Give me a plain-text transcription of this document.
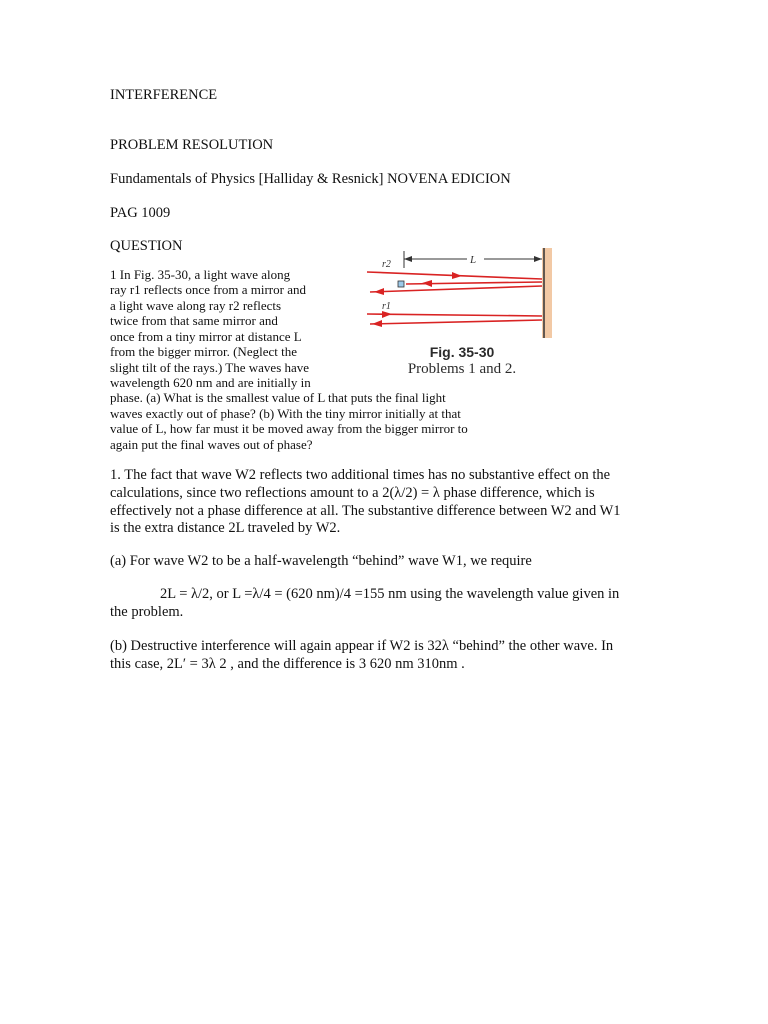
INTERFERENCE
PROBLEM RESOLUTION
Fundamentals of Physics [Halliday & Resnick] NOVENA EDICION
PAG 1009
QUESTION
1 In Fig. 35-30, a light wave along
ray r1 reflects once from a mirror and
a light wave along ray r2 reflects
twice from that same mirror and
once from a tiny mirror at distance L
from the bigger mirror. (Neglect the
slight tilt of the rays.) The waves have
wavelength 620 nm and are initially in
phase. (a) What is the smallest value of L that puts the final light
waves exactly out of phase? (b) With the tiny mirror initially at that
value of L, how far must it be moved away from the bigger mirror to
again put the final waves out of phase?
r2	L
r1
Fig. 35-30
Problems 1 and 2.
1. The fact that wave W2 reflects two additional times has no substantive effect on the
calculations, since two reflections amount to a 2(λ/2) = λ phase difference, which is
effectively not a phase difference at all. The substantive difference between W2 and W1
is the extra distance 2L traveled by W2.
(a) For wave W2 to be a half-wavelength “behind” wave W1, we require
2L = λ/2, or L =λ/4 = (620 nm)/4 =155 nm using the wavelength value given in
the problem.
(b) Destructive interference will again appear if W2 is 32λ “behind” the other wave. In
this case, 2L′ = 3λ 2 , and the difference is 3 620 nm 310nm .
